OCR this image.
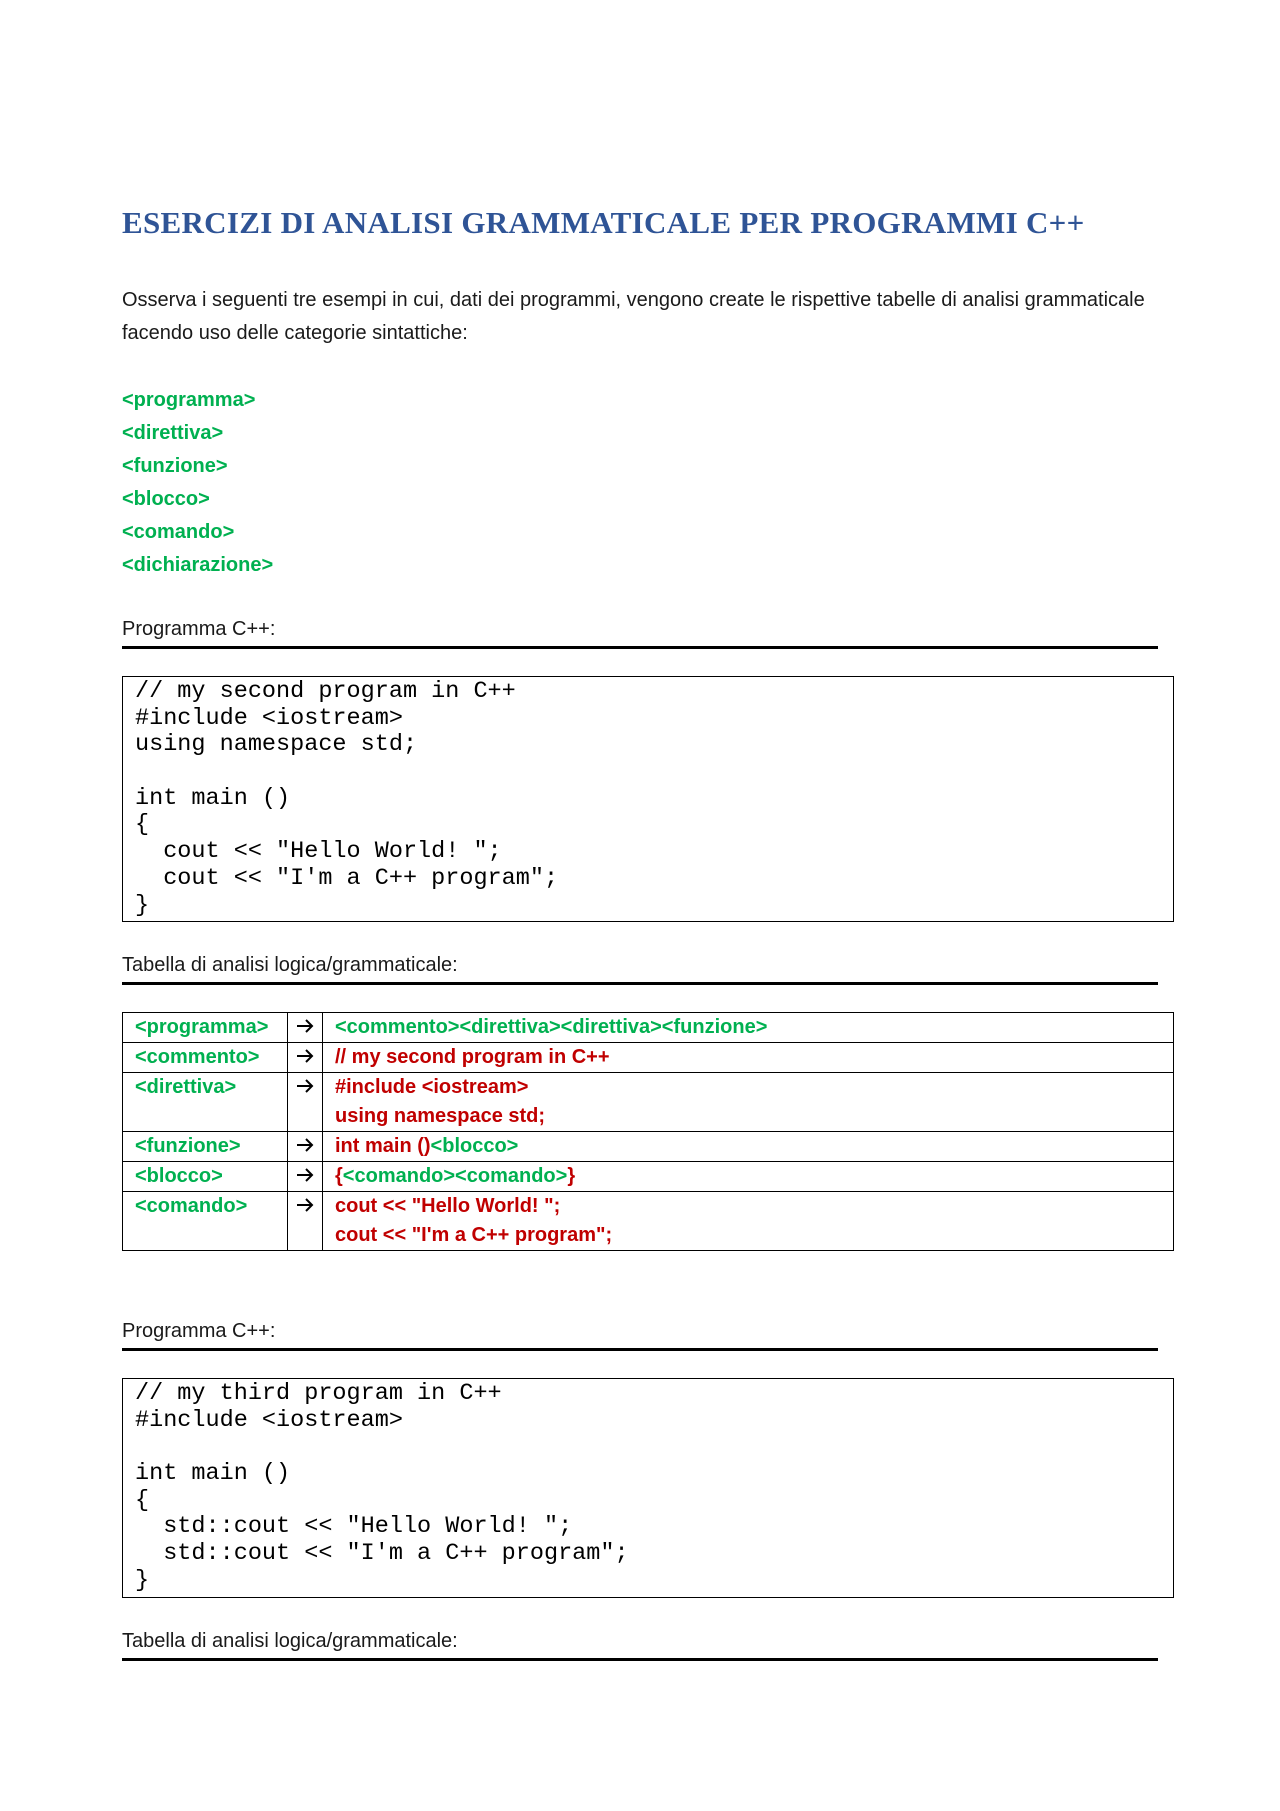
ESERCIZI DI ANALISI GRAMMATICALE PER PROGRAMMI C++

Osserva i seguenti tre esempi in cui, dati dei programmi, vengono create le rispettive tabelle di analisi grammaticale facendo uso delle categorie sintattiche:

<programma>
<direttiva>
<funzione>
<blocco>
<comando>
<dichiarazione>
Programma C++:
// my second program in C++
#include <iostream>
using namespace std;
int main ()
{
cout << "Hello World! ";
cout << "I'm a C++ program";
}
Tabella di analisi logica/grammaticale:
<programma>		<commento><direttiva><direttiva><funzione>

<commento>		// my second program in C++

<direttiva>		#include <iostream>
using namespace std;

<funzione>		int main ()<blocco>

<blocco>		{<comando><comando>}

<comando>		cout << "Hello World! ";
cout << "I'm a C++ program";
Programma C++:
// my third program in C++
#include <iostream>
int main ()
{
std::cout << "Hello World! ";
std::cout << "I'm a C++ program";
}
Tabella di analisi logica/grammaticale:
